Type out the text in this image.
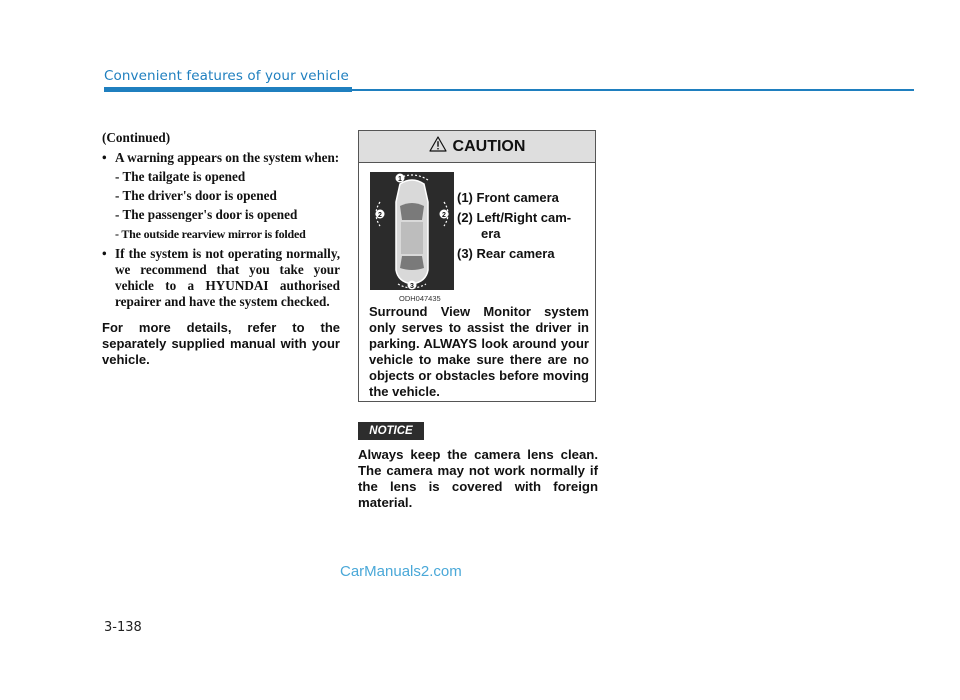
Convenient features of your vehicle
(Continued)
• A warning appears on the system when:
- The tailgate is opened
- The driver's door is opened
- The passenger's door is opened
- The outside rearview mirror is folded
• If the system is not operating normally, we recommend that you take your vehicle to a HYUNDAI authorised repairer and have the system checked.
For more details, refer to the separately supplied manual with your vehicle.
CAUTION
1
2	2
3
ODH047435
(1) Front camera
(2) Left/Right cam-
era
(3) Rear camera
Surround View Monitor system only serves to assist the driver in parking. ALWAYS look around your vehicle to make sure there are no objects or obstacles before moving the vehicle.
NOTICE
Always keep the camera lens clean. The camera may not work normally if the lens is covered with foreign material.
CarManuals2.com
3-138
